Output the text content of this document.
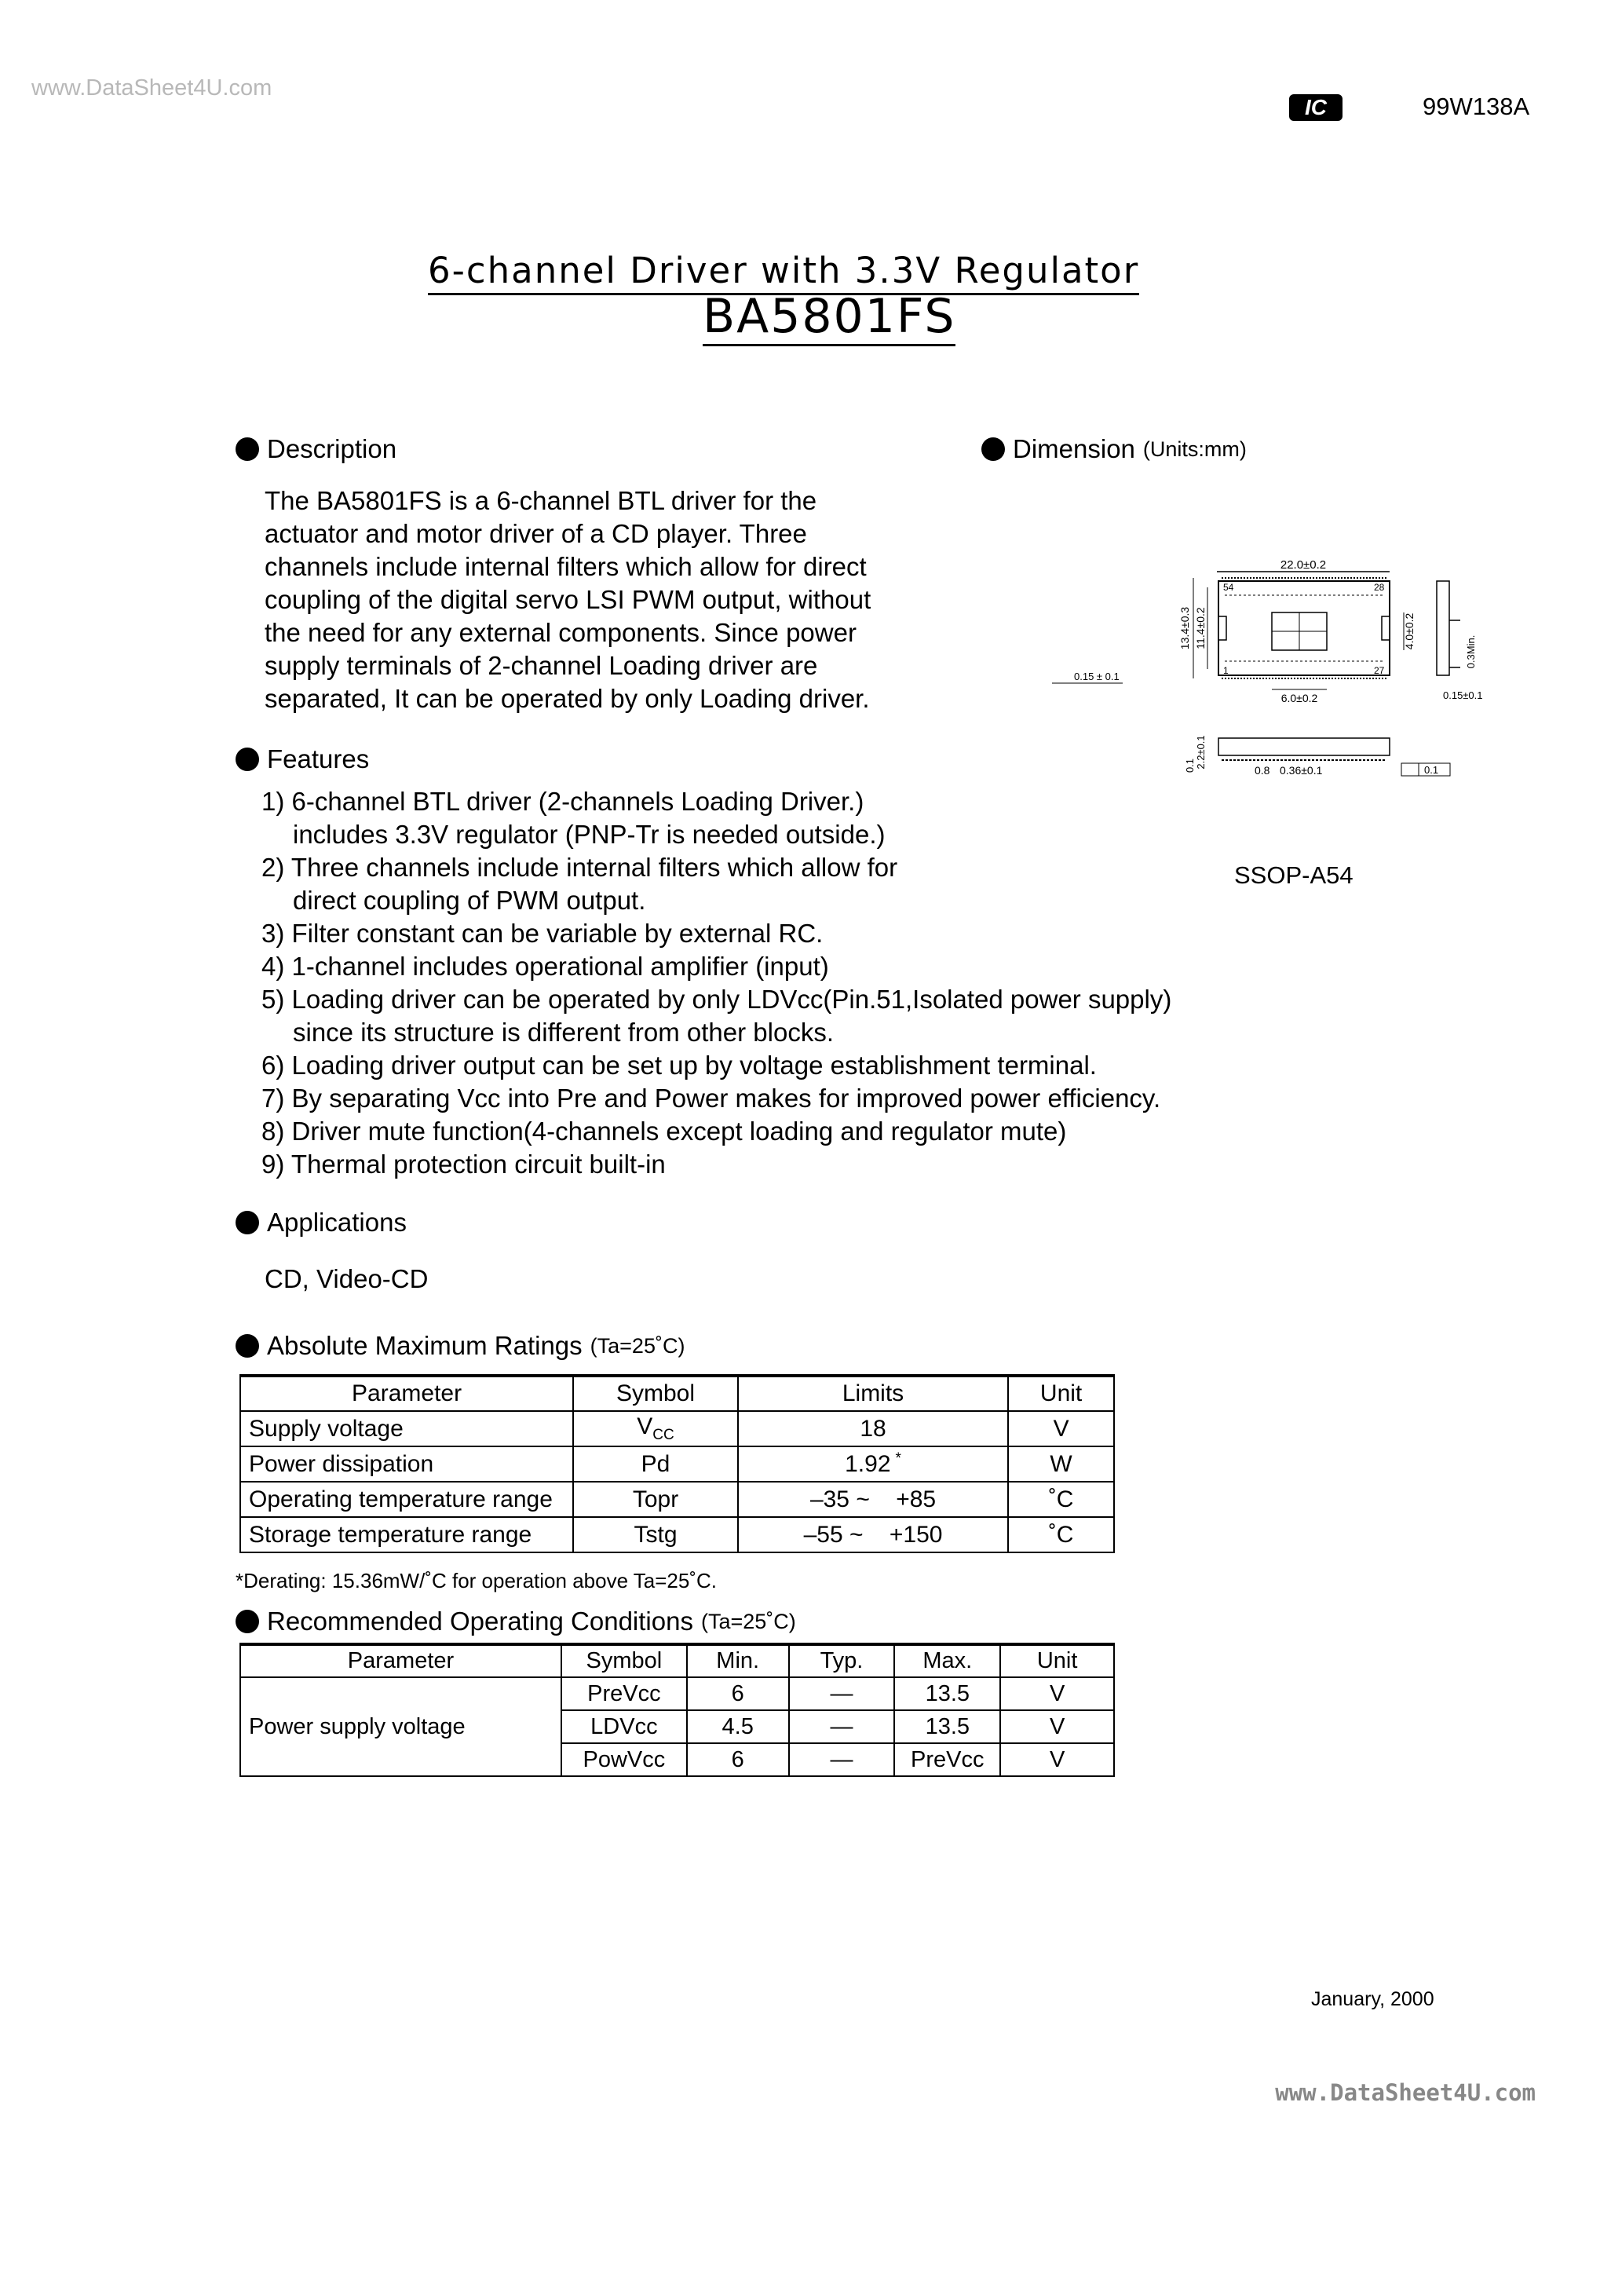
www.DataSheet4U.com
IC	99W138A
6-channel Driver with 3.3V Regulator
BA5801FS
Description
The BA5801FS is a 6-channel BTL driver for the
actuator and motor driver of a CD player. Three
channels include internal filters which allow for direct
coupling of the digital servo LSI PWM output, without
the need for any external components. Since power
supply terminals of 2-channel Loading driver are
separated, It can be operated by only Loading driver.
Dimension (Units:mm)
22.0±0.2
54	28
1	27
13.4±0.3 11.4±0.2	4.0±0.2
6.0±0.2
0.15 ± 0.1
0.3Min.
0.15±0.1
2.2±0.1
0.1	0.8 0.36±0.1	0.1
SSOP-A54
Features
1) 6-channel BTL driver (2-channels Loading Driver.)
includes 3.3V regulator (PNP-Tr is needed outside.)
2) Three channels include internal filters which allow for
direct coupling of PWM output.
3) Filter constant can be variable by external RC.
4) 1-channel includes operational amplifier (input)
5) Loading driver can be operated by only LDVcc(Pin.51,Isolated power supply)
since its structure is different from other blocks.
6) Loading driver output can be set up by voltage establishment terminal.
7) By separating Vcc into Pre and Power makes for improved power efficiency.
8) Driver mute function(4-channels except loading and regulator mute)
9) Thermal protection circuit built-in
Applications
CD, Video-CD
Absolute Maximum Ratings (Ta=25˚C)
Parameter	Symbol	Limits	Unit
Supply voltage	$V_{CC}$	18	V
Power dissipation	Pd	1.92 *	W
Operating temperature range	Topr	–35 ~ +85	˚C
Storage temperature range	Tstg	–55 ~ +150	˚C
*Derating: 15.36mW/˚C for operation above Ta=25˚C.
Recommended Operating Conditions (Ta=25˚C)
Parameter	Symbol	Min.	Typ.	Max.	Unit
Power supply voltage	PreVcc	6	—	13.5	V
	LDVcc	4.5	—	13.5	V
	PowVcc	6	—	PreVcc	V
January, 2000
www.DataSheet4U.com
